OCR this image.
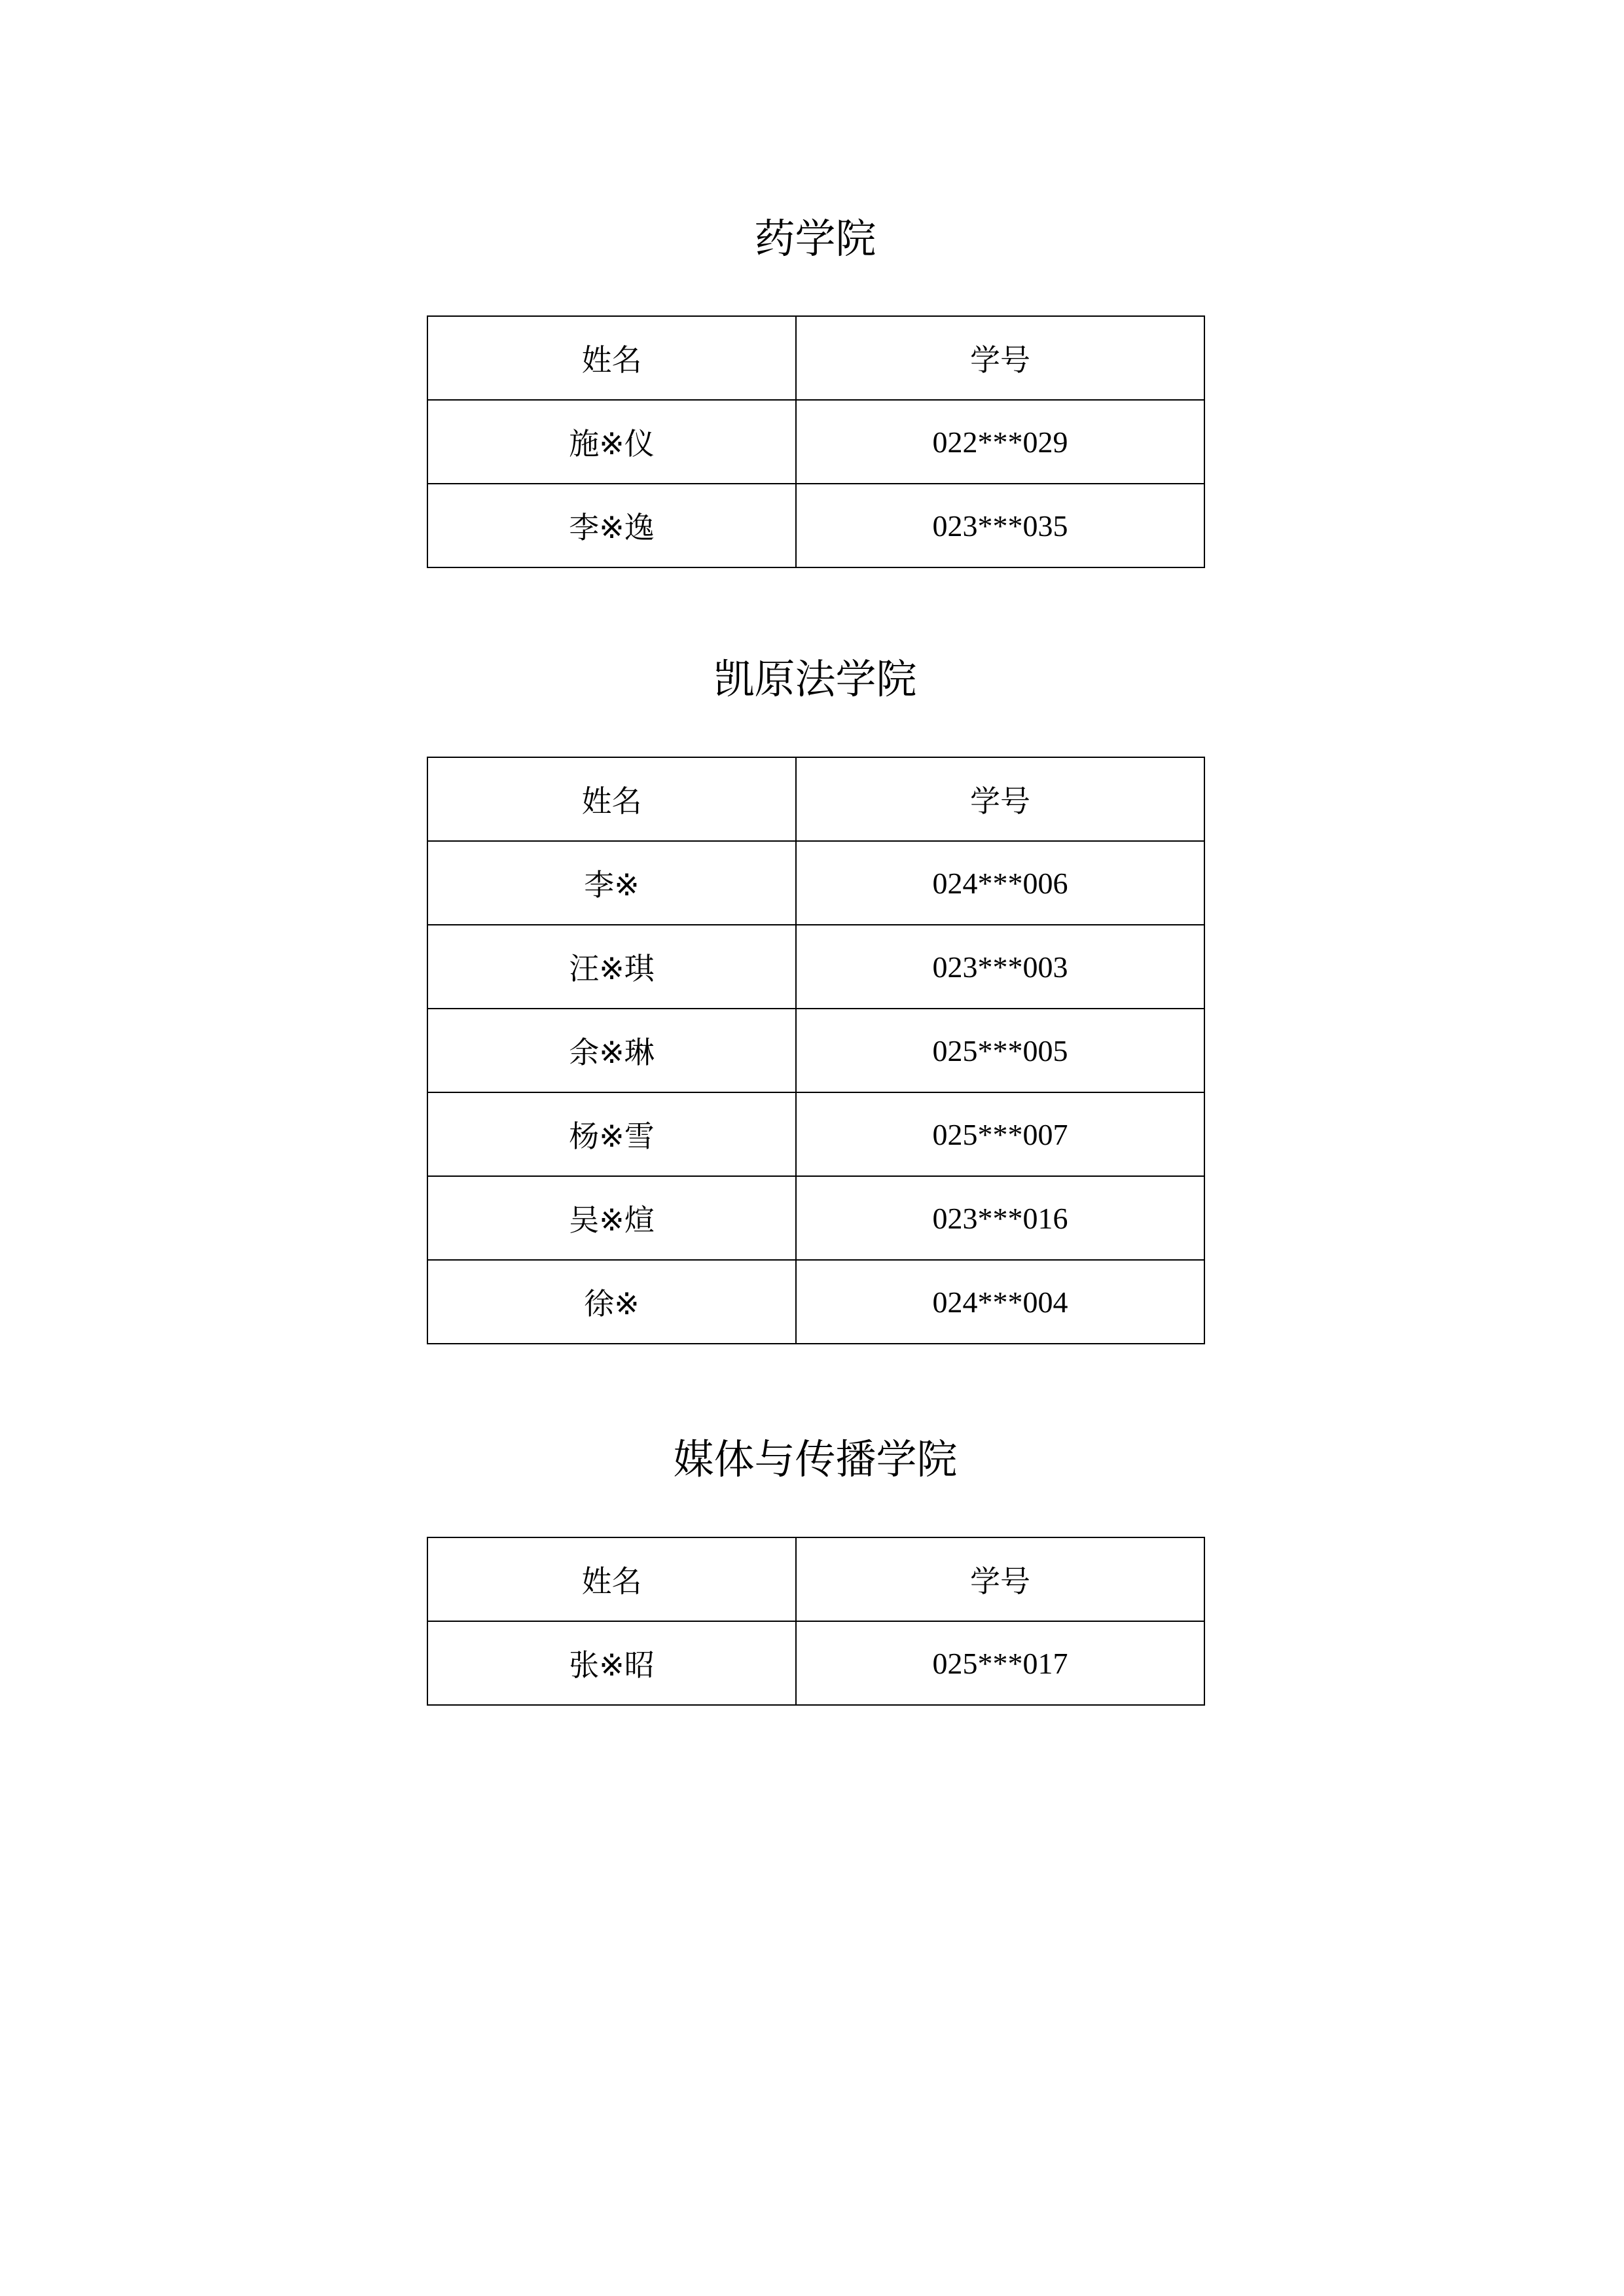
药学院
姓名	学号
施※仪	022***029
李※逸	023***035
凯原法学院
姓名	学号
李※	024***006
汪※琪	023***003
余※琳	025***005
杨※雪	025***007
吴※煊	023***016
徐※	024***004
媒体与传播学院
姓名	学号
张※昭	025***017
